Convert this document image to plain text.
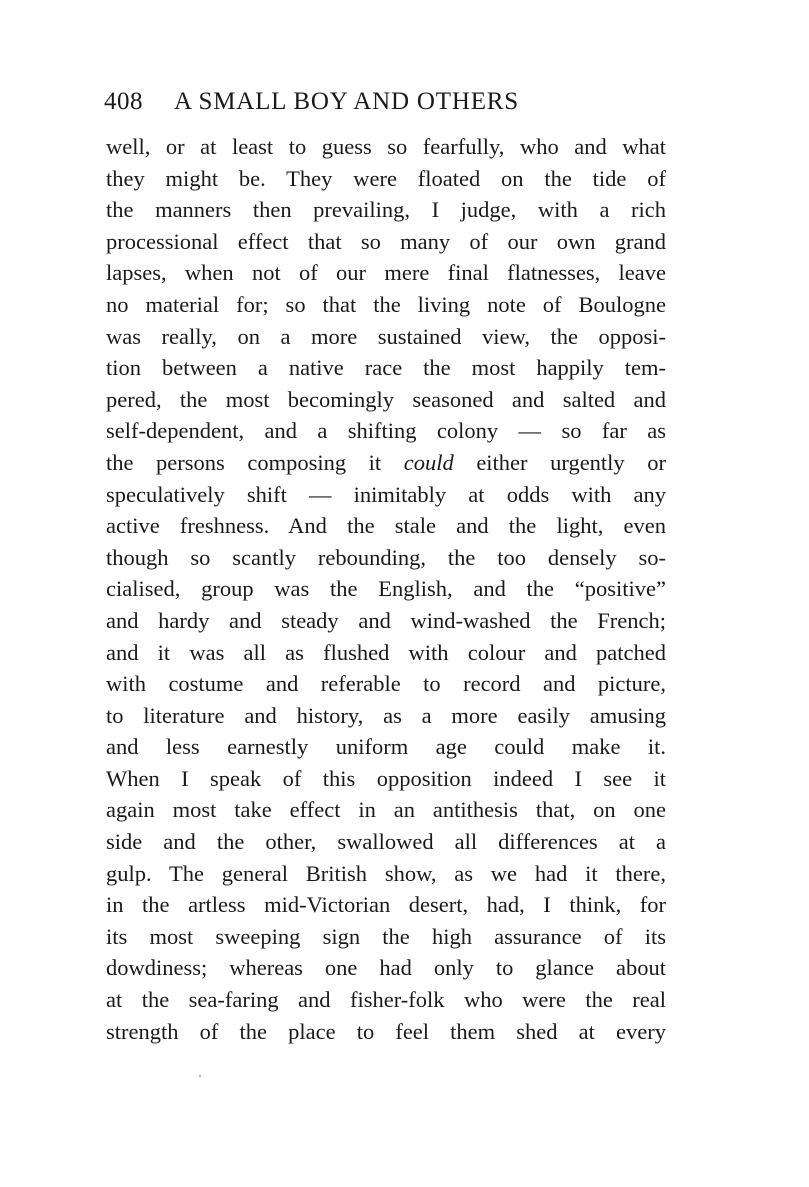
408 A SMALL BOY AND OTHERS
well, or at least to guess so fearfully, who and what
they might be. They were floated on the tide of
the manners then prevailing, I judge, with a rich
processional effect that so many of our own grand
lapses, when not of our mere final flatnesses, leave
no material for; so that the living note of Boulogne
was really, on a more sustained view, the opposi-
tion between a native race the most happily tem-
pered, the most becomingly seasoned and salted and
self-dependent, and a shifting colony — so far as
the persons composing it could either urgently or
speculatively shift — inimitably at odds with any
active freshness. And the stale and the light, even
though so scantly rebounding, the too densely so-
cialised, group was the English, and the “positive”
and hardy and steady and wind-washed the French;
and it was all as flushed with colour and patched
with costume and referable to record and picture,
to literature and history, as a more easily amusing
and less earnestly uniform age could make it.
When I speak of this opposition indeed I see it
again most take effect in an antithesis that, on one
side and the other, swallowed all differences at a
gulp. The general British show, as we had it there,
in the artless mid-Victorian desert, had, I think, for
its most sweeping sign the high assurance of its
dowdiness; whereas one had only to glance about
at the sea-faring and fisher-folk who were the real
strength of the place to feel them shed at every
